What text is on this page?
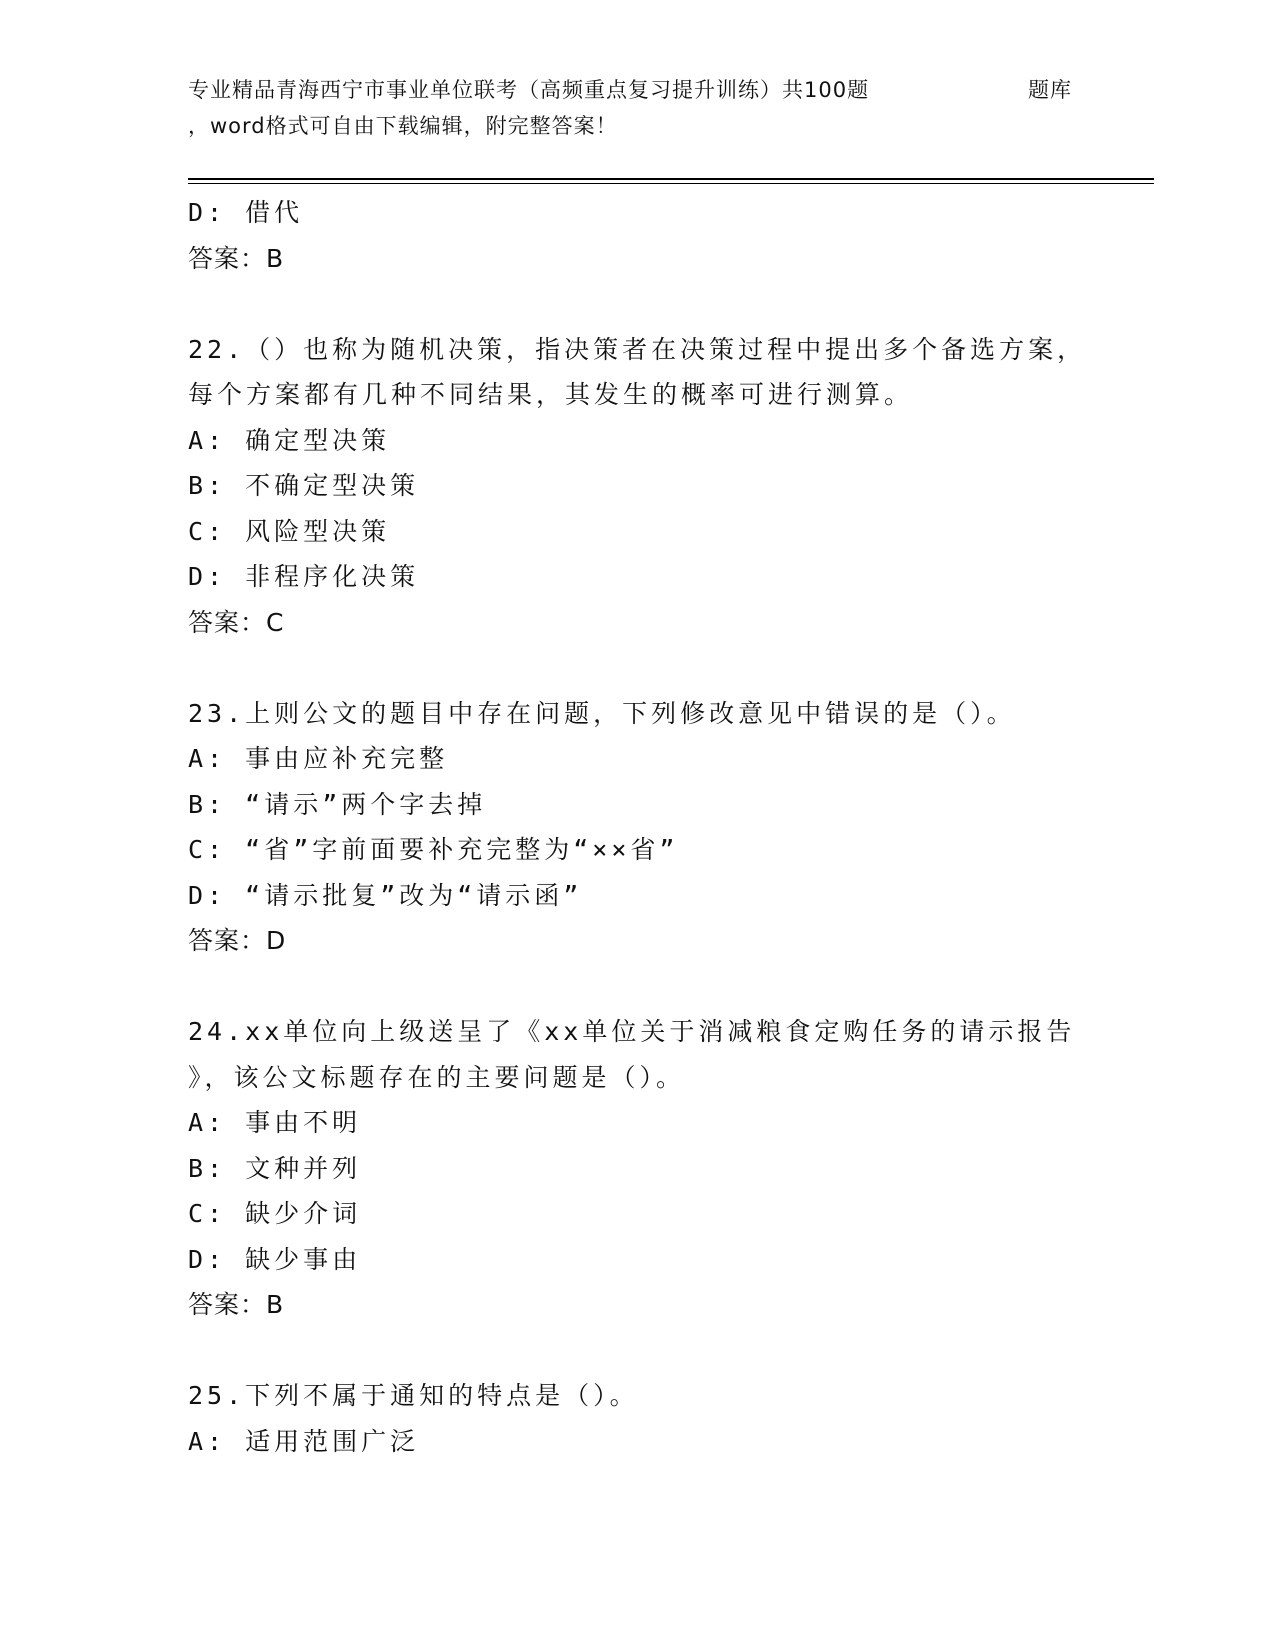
专业精品青海西宁市事业单位联考（高频重点复习提升训练）共100题	题库
，word格式可自由下载编辑，附完整答案！
D: 借代
答案：B
22.（）也称为随机决策，指决策者在决策过程中提出多个备选方案，
每个方案都有几种不同结果，其发生的概率可进行测算。
A: 确定型决策
B: 不确定型决策
C: 风险型决策
D: 非程序化决策
答案：C
23.上则公文的题目中存在问题，下列修改意见中错误的是（）。
A: 事由应补充完整
B: “请示”两个字去掉
C: “省”字前面要补充完整为“××省”
D: “请示批复”改为“请示函”
答案：D
24.xx单位向上级送呈了《xx单位关于消减粮食定购任务的请示报告
》，该公文标题存在的主要问题是（）。
A: 事由不明
B: 文种并列
C: 缺少介词
D: 缺少事由
答案：B
25.下列不属于通知的特点是（）。
A: 适用范围广泛
